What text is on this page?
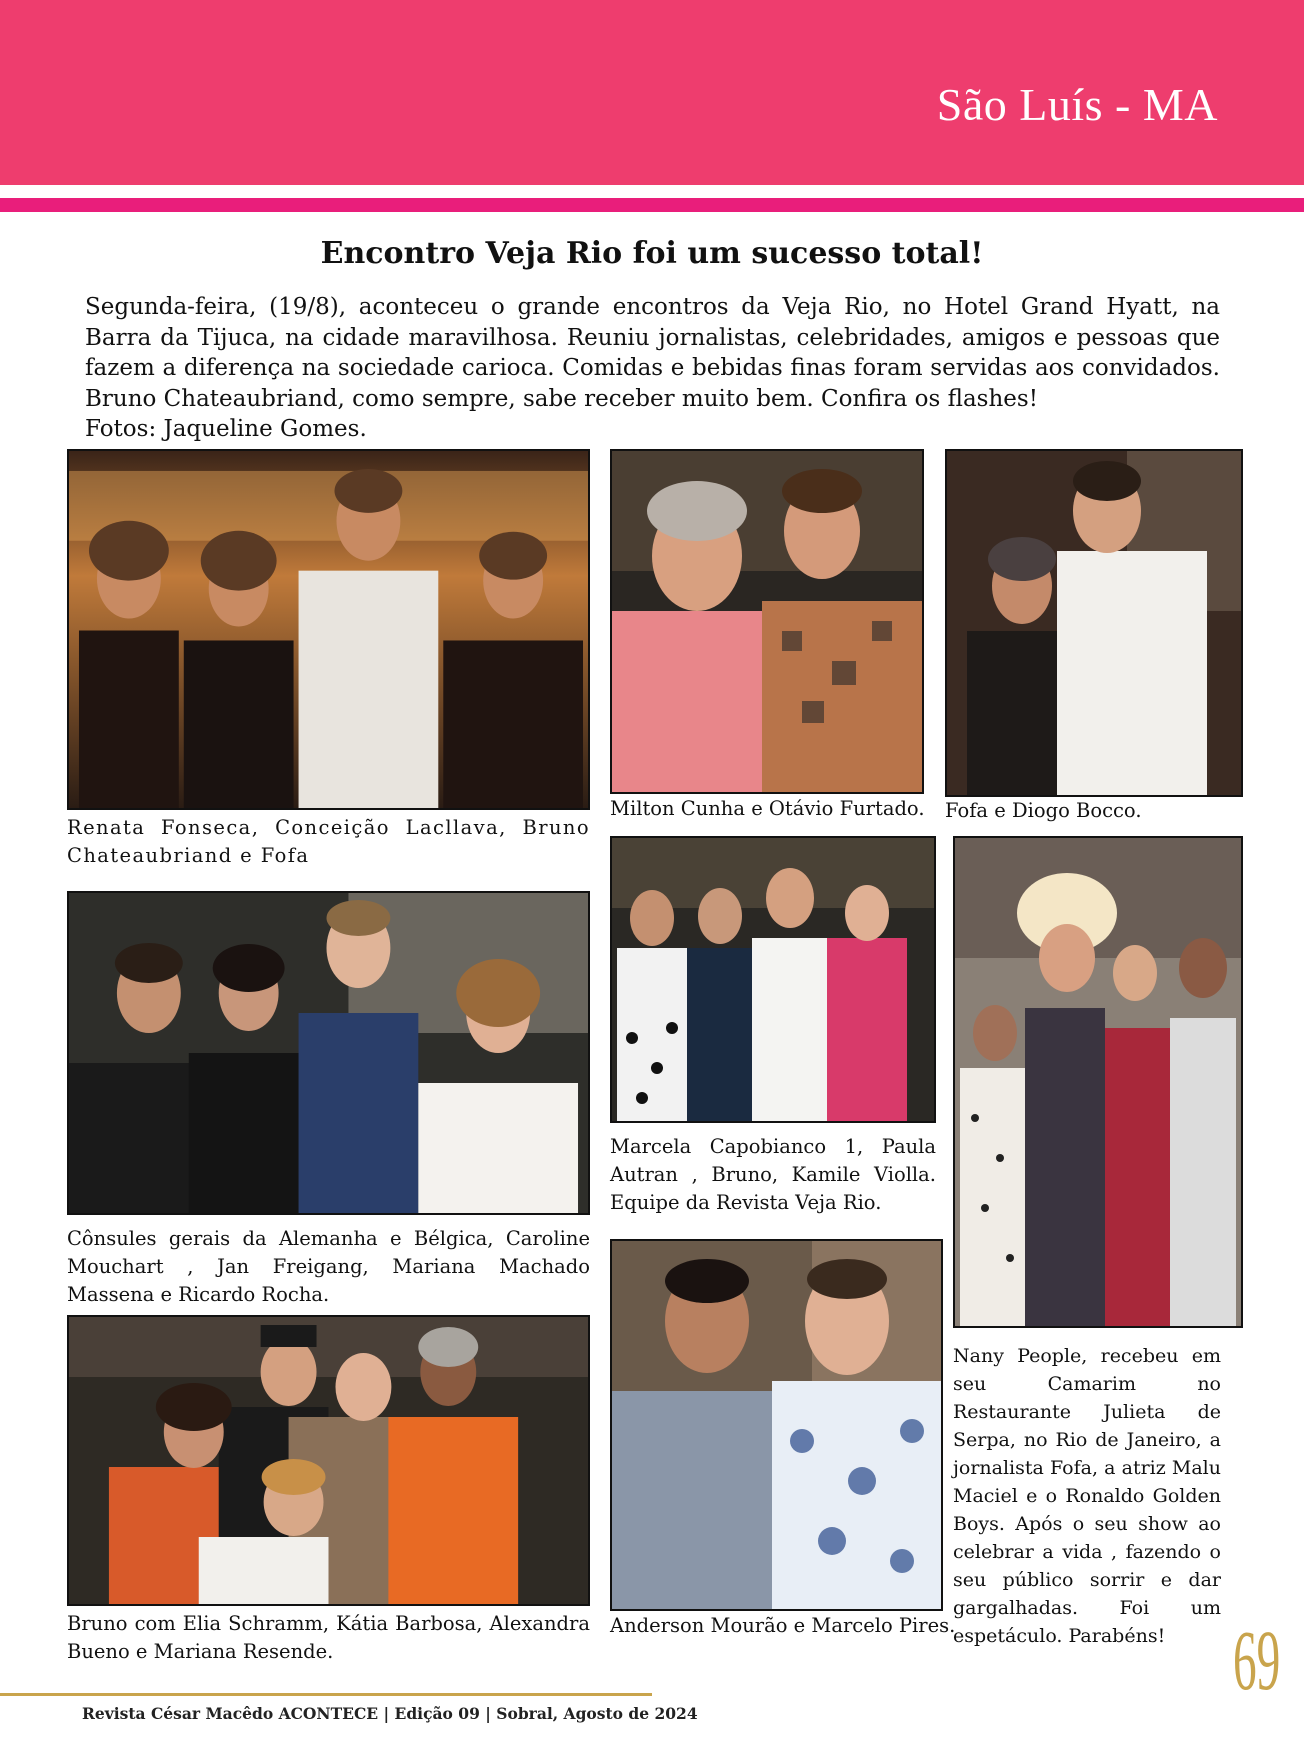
São Luís - MA
Encontro Veja Rio foi um sucesso total!

Segunda-feira, (19/8), aconteceu o grande encontros da Veja Rio, no Hotel Grand Hyatt, na Barra da Tijuca, na cidade maravilhosa. Reuniu jornalistas, celebridades, amigos e pessoas que fazem a diferença na sociedade carioca. Comidas e bebidas finas foram servidas aos convidados. Bruno Chateaubriand, como sempre, sabe receber muito bem. Confira os flashes!

Fotos: Jaqueline Gomes.

Renata Fonseca, Conceição Lacllava, Bruno Chateaubriand e Fofa
Milton Cunha e Otávio Furtado. Fofa e Diogo Bocco.
Cônsules gerais da Alemanha e Bélgica, Caroline Mouchart , Jan Freigang, Mariana Machado Massena e Ricardo Rocha.
Marcela Capobianco 1, Paula Autran , Bruno, Kamile Violla. Equipe da Revista Veja Rio.
Nany People, recebeu em seu Camarim no Restaurante Julieta de Serpa, no Rio de Janeiro, a jornalista Fofa, a atriz Malu Maciel e o Ronaldo Golden Boys. Após o seu show ao celebrar a vida , fazendo o seu público sorrir e dar gargalhadas. Foi um espetáculo. Parabéns!
Bruno com Elia Schramm, Kátia Barbosa, Alexandra Bueno e Mariana Resende.
Anderson Mourão e Marcelo Pires.	69
Revista César Macêdo ACONTECE | Edição 09 | Sobral, Agosto de 2024
